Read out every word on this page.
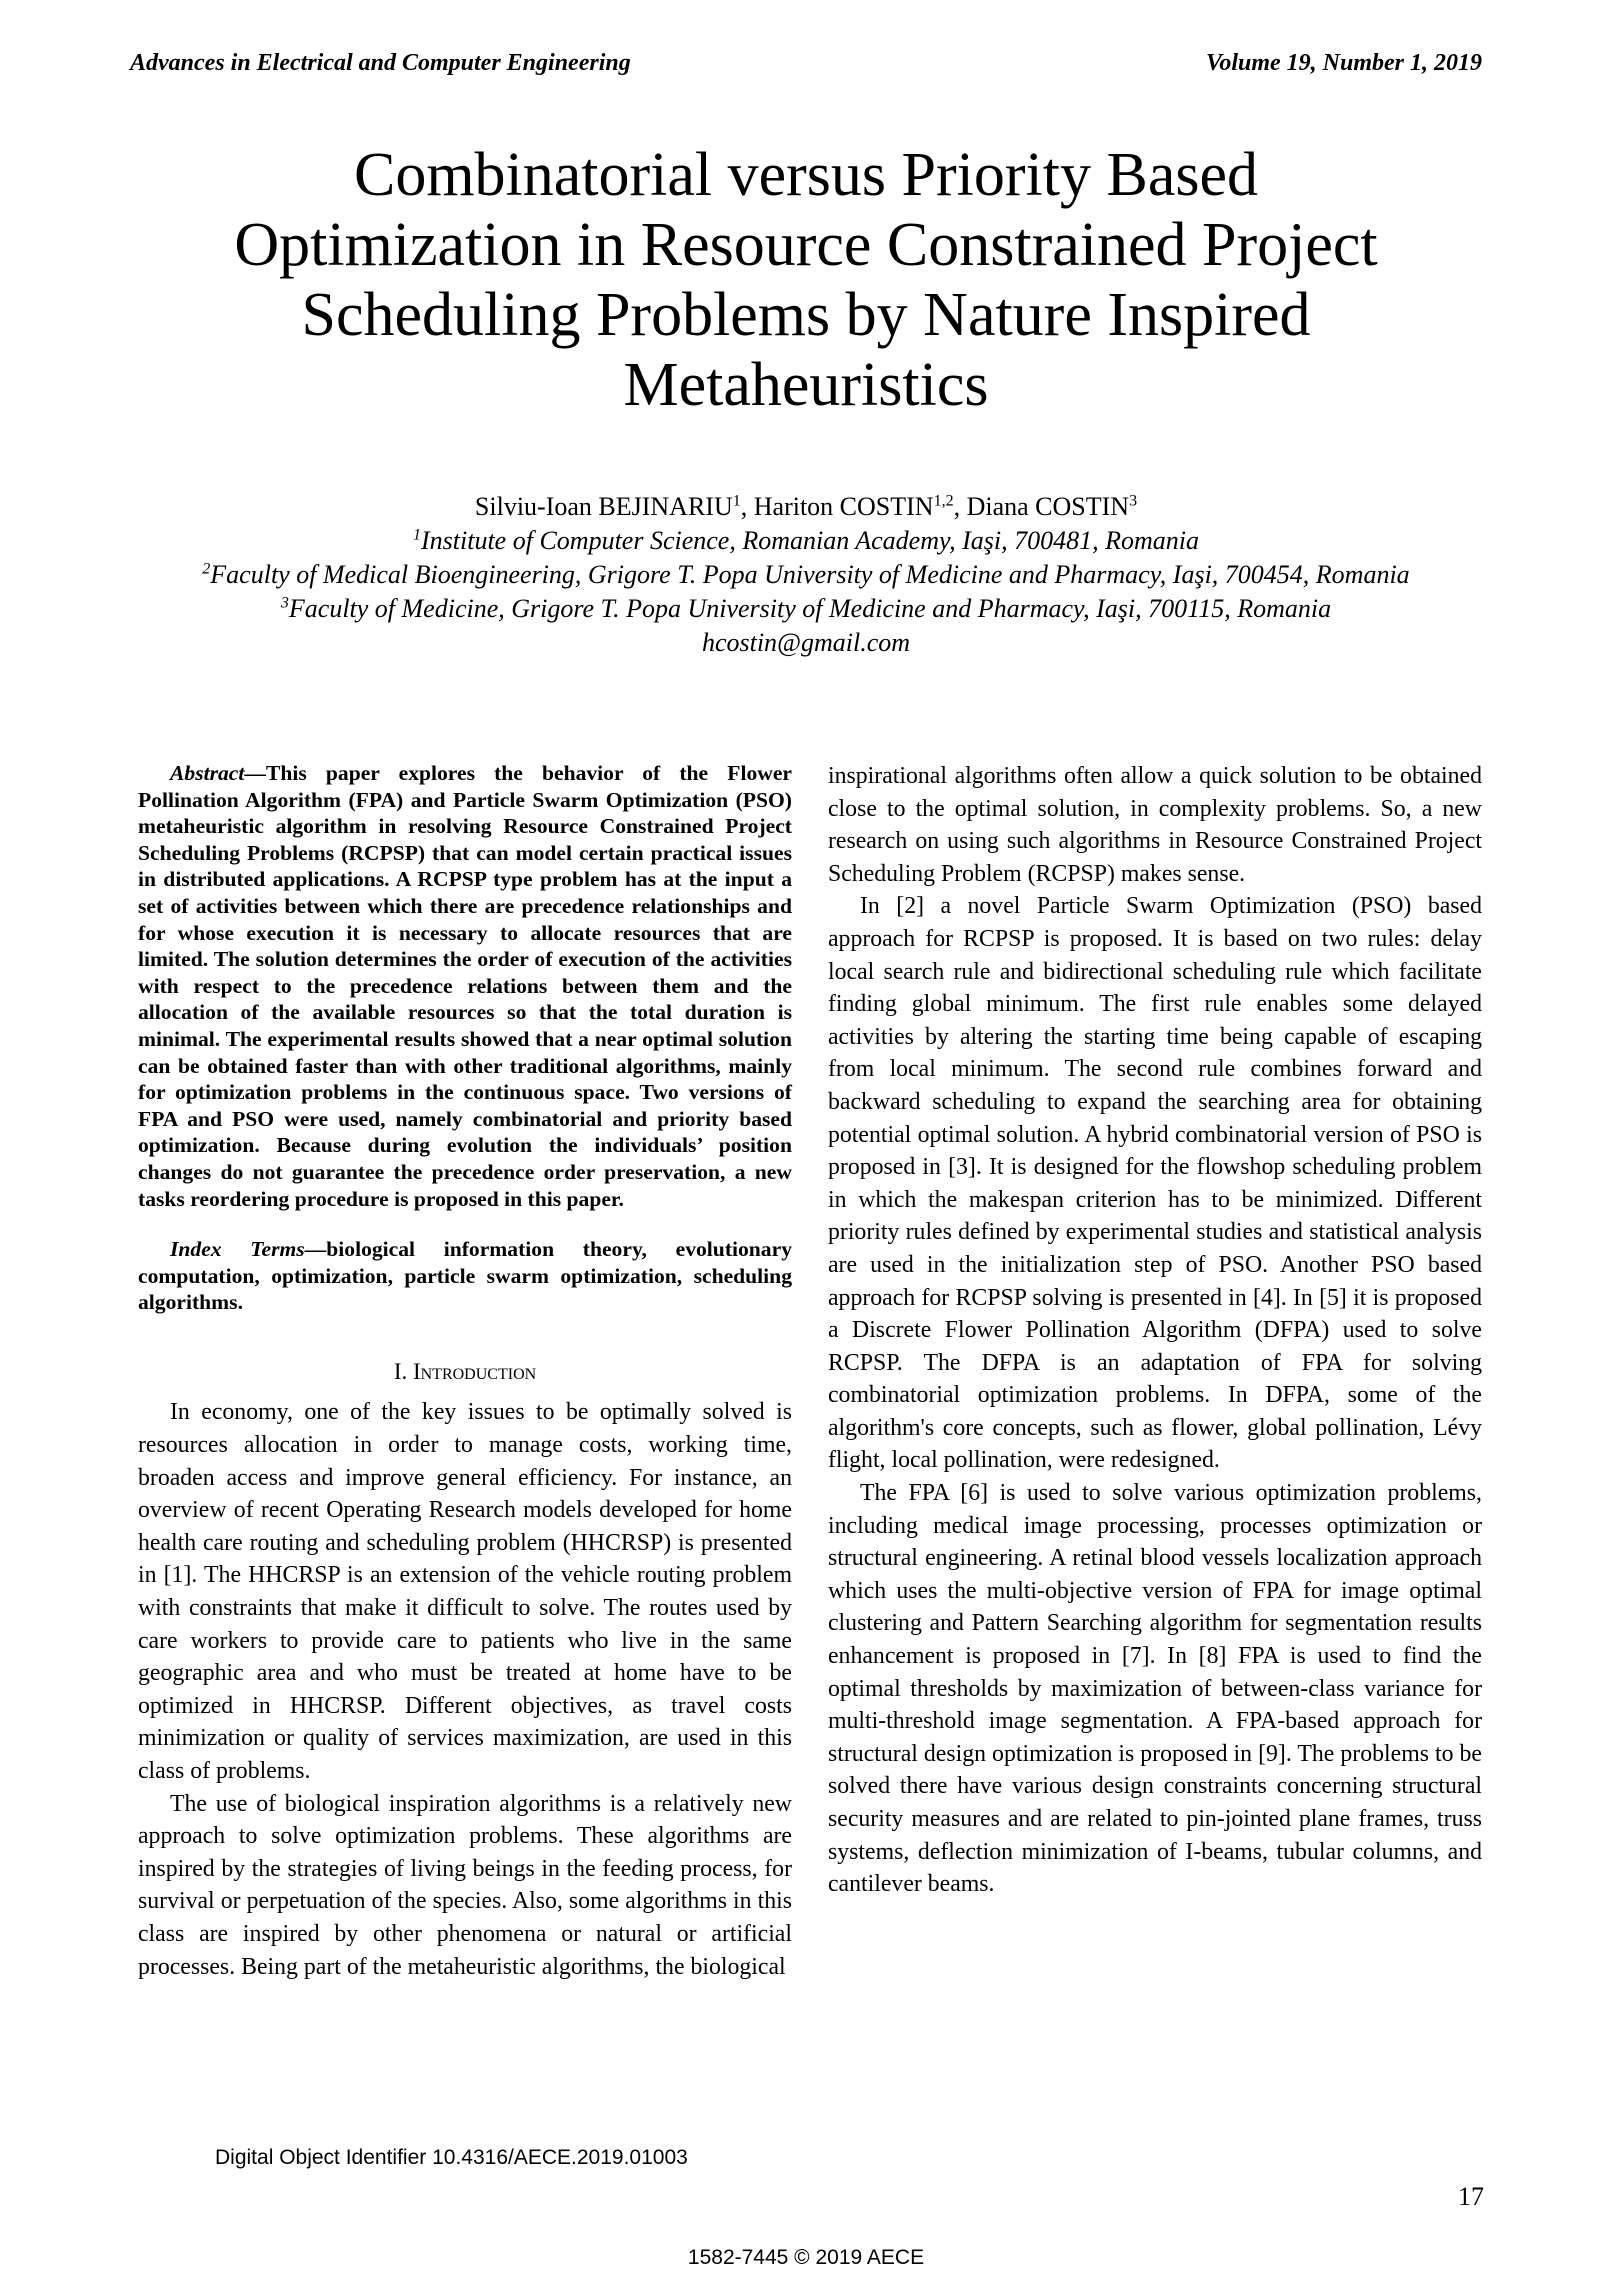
Advances in Electrical and Computer Engineering	Volume 19, Number 1, 2019
Combinatorial versus Priority Based
Optimization in Resource Constrained Project
Scheduling Problems by Nature Inspired
Metaheuristics
Silviu-Ioan BEJINARIU$^1$, Hariton COSTIN$^{1,2}$, Diana COSTIN$^3$
$^1$Institute of Computer Science, Romanian Academy, Iaşi, 700481, Romania
$^2$Faculty of Medical Bioengineering, Grigore T. Popa University of Medicine and Pharmacy, Iaşi, 700454, Romania
$^3$Faculty of Medicine, Grigore T. Popa University of Medicine and Pharmacy, Iaşi, 700115, Romania
hcostin@gmail.com

Abstract—This paper explores the behavior of the Flower Pollination Algorithm (FPA) and Particle Swarm Optimization (PSO) metaheuristic algorithm in resolving Resource Constrained Project Scheduling Problems (RCPSP) that can model certain practical issues in distributed applications. A RCPSP type problem has at the input a set of activities between which there are precedence relationships and for whose execution it is necessary to allocate resources that are limited. The solution determines the order of execution of the activities with respect to the precedence relations between them and the allocation of the available resources so that the total duration is minimal. The experimental results showed that a near optimal solution can be obtained faster than with other traditional algorithms, mainly for optimization problems in the continuous space. Two versions of FPA and PSO were used, namely combinatorial and priority based optimization. Because during evolution the individuals’ position changes do not guarantee the precedence order preservation, a new tasks reordering procedure is proposed in this paper.

Index Terms—biological information theory, evolutionary computation, optimization, particle swarm optimization, scheduling algorithms.

I. Introduction

In economy, one of the key issues to be optimally solved is resources allocation in order to manage costs, working time, broaden access and improve general efficiency. For instance, an overview of recent Operating Research models developed for home health care routing and scheduling problem (HHCRSP) is presented in [1]. The HHCRSP is an extension of the vehicle routing problem with constraints that make it difficult to solve. The routes used by care workers to provide care to patients who live in the same geographic area and who must be treated at home have to be optimized in HHCRSP. Different objectives, as travel costs minimization or quality of services maximization, are used in this class of problems.

The use of biological inspiration algorithms is a relatively new approach to solve optimization problems. These algorithms are inspired by the strategies of living beings in the feeding process, for survival or perpetuation of the species. Also, some algorithms in this class are inspired by other phenomena or natural or artificial processes. Being part of the metaheuristic algorithms, the biological

inspirational algorithms often allow a quick solution to be obtained close to the optimal solution, in complexity problems. So, a new research on using such algorithms in Resource Constrained Project Scheduling Problem (RCPSP) makes sense.

In [2] a novel Particle Swarm Optimization (PSO) based approach for RCPSP is proposed. It is based on two rules: delay local search rule and bidirectional scheduling rule which facilitate finding global minimum. The first rule enables some delayed activities by altering the starting time being capable of escaping from local minimum. The second rule combines forward and backward scheduling to expand the searching area for obtaining potential optimal solution. A hybrid combinatorial version of PSO is proposed in [3]. It is designed for the flowshop scheduling problem in which the makespan criterion has to be minimized. Different priority rules defined by experimental studies and statistical analysis are used in the initialization step of PSO. Another PSO based approach for RCPSP solving is presented in [4]. In [5] it is proposed a Discrete Flower Pollination Algorithm (DFPA) used to solve RCPSP. The DFPA is an adaptation of FPA for solving combinatorial optimization problems. In DFPA, some of the algorithm's core concepts, such as flower, global pollination, Lévy flight, local pollination, were redesigned.

The FPA [6] is used to solve various optimization problems, including medical image processing, processes optimization or structural engineering. A retinal blood vessels localization approach which uses the multi-objective version of FPA for image optimal clustering and Pattern Searching algorithm for segmentation results enhancement is proposed in [7]. In [8] FPA is used to find the optimal thresholds by maximization of between-class variance for multi-threshold image segmentation. A FPA-based approach for structural design optimization is proposed in [9]. The problems to be solved there have various design constraints concerning structural security measures and are related to pin-jointed plane frames, truss systems, deflection minimization of I-beams, tubular columns, and cantilever beams.

Digital Object Identifier 10.4316/AECE.2019.01003
17
1582-7445 © 2019 AECE
